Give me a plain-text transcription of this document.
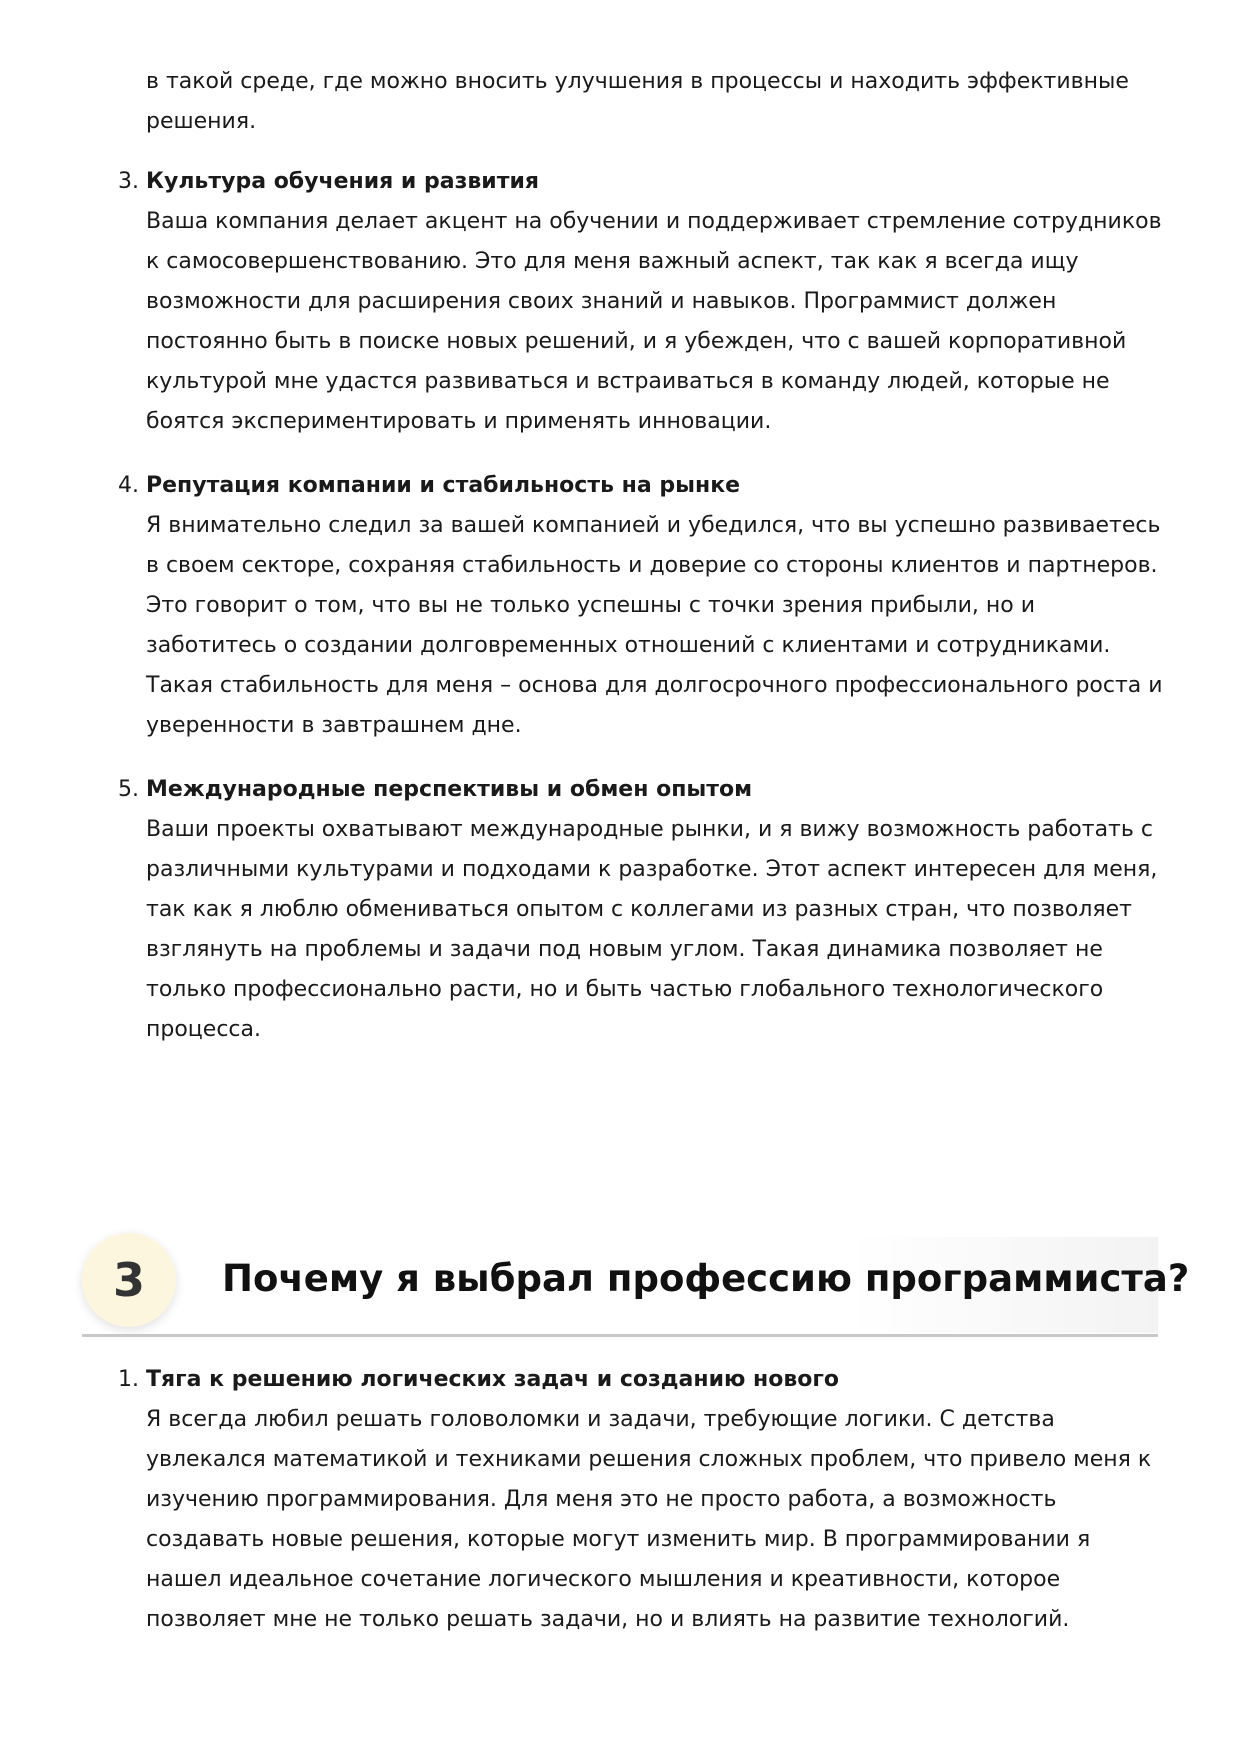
в такой среде, где можно вносить улучшения в процессы и находить эффективные решения.

3. Культура обучения и развития
Ваша компания делает акцент на обучении и поддерживает стремление сотрудников к самосовершенствованию. Это для меня важный аспект, так как я всегда ищу возможности для расширения своих знаний и навыков. Программист должен постоянно быть в поиске новых решений, и я убежден, что с вашей корпоративной культурой мне удастся развиваться и встраиваться в команду людей, которые не боятся экспериментировать и применять инновации.
4. Репутация компании и стабильность на рынке
Я внимательно следил за вашей компанией и убедился, что вы успешно развиваетесь в своем секторе, сохраняя стабильность и доверие со стороны клиентов и партнеров. Это говорит о том, что вы не только успешны с точки зрения прибыли, но и заботитесь о создании долговременных отношений с клиентами и сотрудниками. Такая стабильность для меня – основа для долгосрочного профессионального роста и уверенности в завтрашнем дне.
5. Международные перспективы и обмен опытом
Ваши проекты охватывают международные рынки, и я вижу возможность работать с различными культурами и подходами к разработке. Этот аспект интересен для меня, так как я люблю обмениваться опытом с коллегами из разных стран, что позволяет взглянуть на проблемы и задачи под новым углом. Такая динамика позволяет не только профессионально расти, но и быть частью глобального технологического процесса.
3	Почему я выбрал профессию программиста?
1. Тяга к решению логических задач и созданию нового
Я всегда любил решать головоломки и задачи, требующие логики. С детства увлекался математикой и техниками решения сложных проблем, что привело меня к изучению программирования. Для меня это не просто работа, а возможность создавать новые решения, которые могут изменить мир. В программировании я нашел идеальное сочетание логического мышления и креативности, которое позволяет мне не только решать задачи, но и влиять на развитие технологий.
